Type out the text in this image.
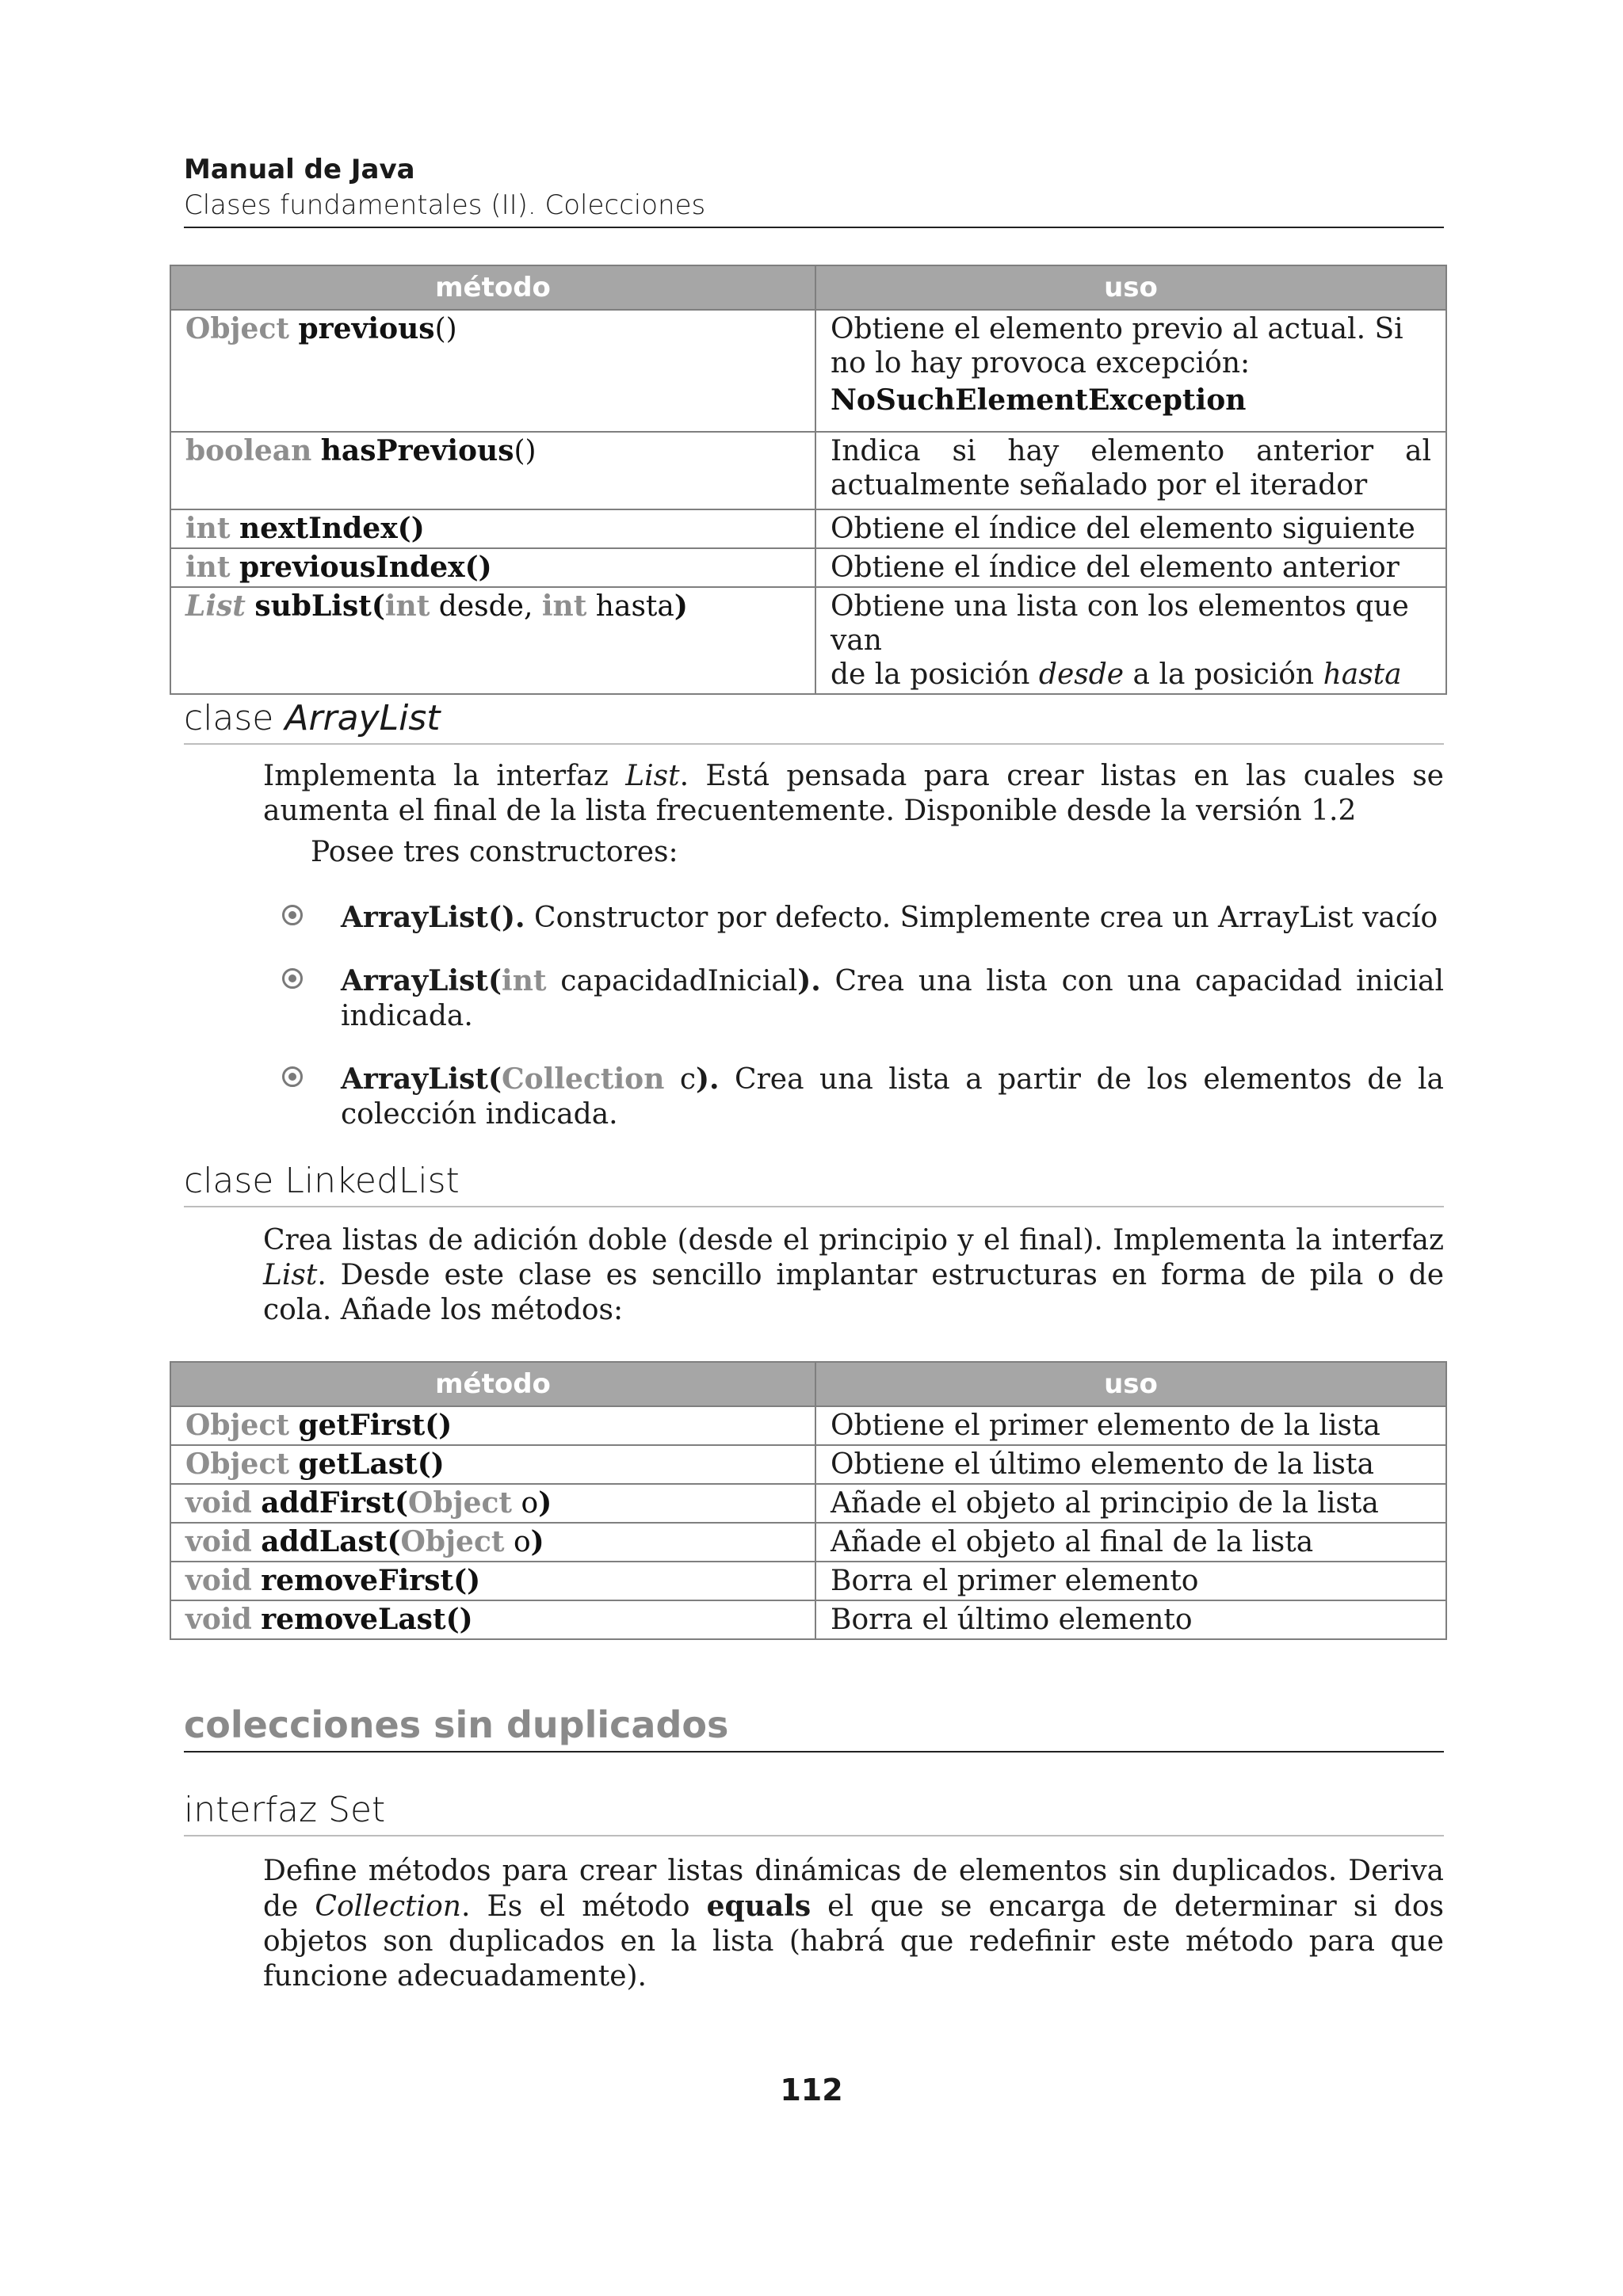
Manual de Java
Clases fundamentales (II). Colecciones
método	uso
Object previous()	Obtiene el elemento previo al actual. Si no lo hay provoca excepción:
NoSuchElementException

boolean hasPrevious()	Indica si hay elemento anterior al
actualmente señalado por el iterador

int nextIndex()	Obtiene el índice del elemento siguiente
int previousIndex()	Obtiene el índice del elemento anterior
List subList(int desde, int hasta)	Obtiene una lista con los elementos que van
de la posición desde a la posición hasta
clase ArrayList
Implementa la interfaz List. Está pensada para crear listas en las cuales se aumenta el final de la lista frecuentemente. Disponible desde la versión 1.2
Posee tres constructores:
ArrayList(). Constructor por defecto. Simplemente crea un ArrayList vacío
ArrayList(int capacidadInicial). Crea una lista con una capacidad inicial indicada.
ArrayList(Collection c). Crea una lista a partir de los elementos de la colección indicada.
clase LinkedList
Crea listas de adición doble (desde el principio y el final). Implementa la interfaz List. Desde este clase es sencillo implantar estructuras en forma de pila o de cola. Añade los métodos:
método	uso
Object getFirst()	Obtiene el primer elemento de la lista
Object getLast()	Obtiene el último elemento de la lista
void addFirst(Object o)	Añade el objeto al principio de la lista
void addLast(Object o)	Añade el objeto al final de la lista
void removeFirst()	Borra el primer elemento
void removeLast()	Borra el último elemento
colecciones sin duplicados
interfaz Set
Define métodos para crear listas dinámicas de elementos sin duplicados. Deriva de Collection. Es el método equals el que se encarga de determinar si dos objetos son duplicados en la lista (habrá que redefinir este método para que funcione adecuadamente).
112
